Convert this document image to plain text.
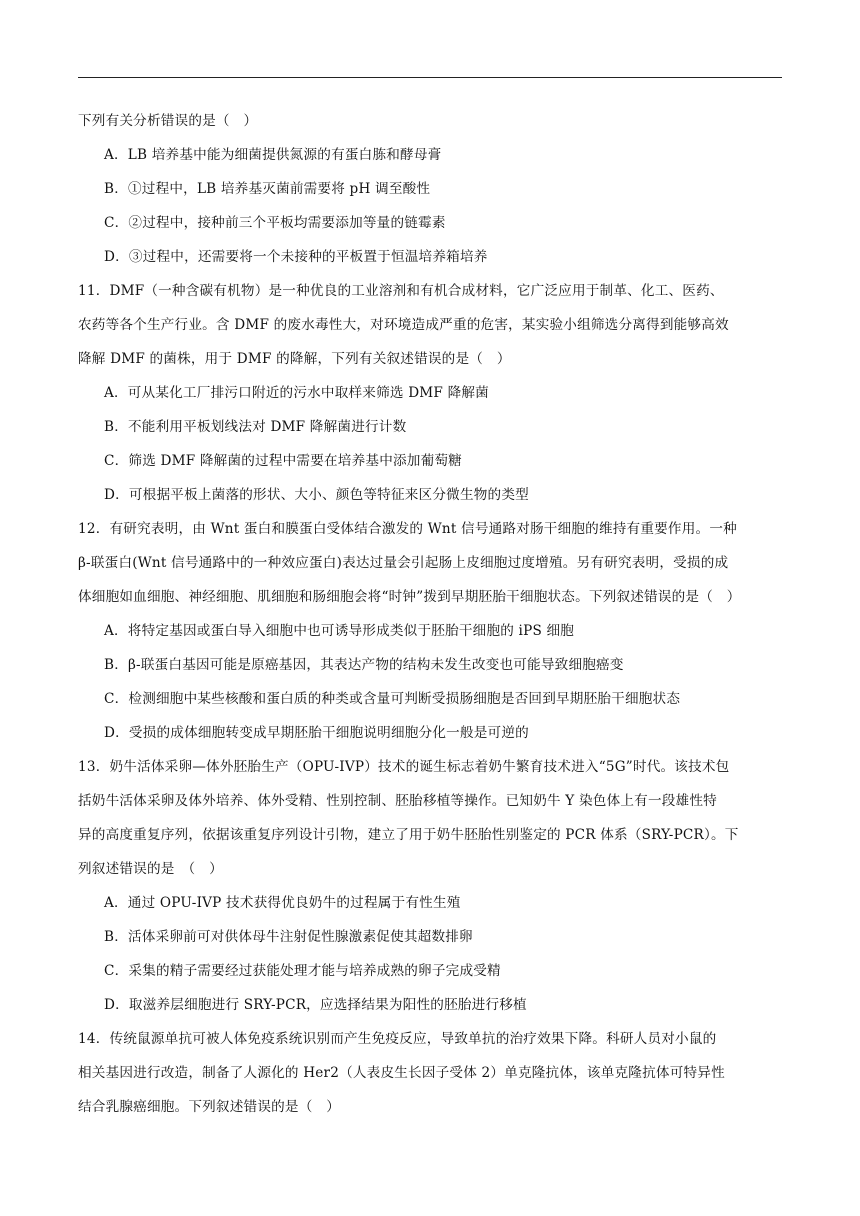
下列有关分析错误的是（　）
A．LB 培养基中能为细菌提供氮源的有蛋白胨和酵母膏
B．①过程中，LB 培养基灭菌前需要将 pH 调至酸性
C．②过程中，接种前三个平板均需要添加等量的链霉素
D．③过程中，还需要将一个未接种的平板置于恒温培养箱培养
11．DMF（一种含碳有机物）是一种优良的工业溶剂和有机合成材料，它广泛应用于制革、化工、医药、
农药等各个生产行业。含 DMF 的废水毒性大，对环境造成严重的危害，某实验小组筛选分离得到能够高效
降解 DMF 的菌株，用于 DMF 的降解，下列有关叙述错误的是（　）
A．可从某化工厂排污口附近的污水中取样来筛选 DMF 降解菌
B．不能利用平板划线法对 DMF 降解菌进行计数
C．筛选 DMF 降解菌的过程中需要在培养基中添加葡萄糖
D．可根据平板上菌落的形状、大小、颜色等特征来区分微生物的类型
12．有研究表明，由 Wnt 蛋白和膜蛋白受体结合激发的 Wnt 信号通路对肠干细胞的维持有重要作用。一种
β-联蛋白(Wnt 信号通路中的一种效应蛋白)表达过量会引起肠上皮细胞过度增殖。另有研究表明，受损的成
体细胞如血细胞、神经细胞、肌细胞和肠细胞会将“时钟”拨到早期胚胎干细胞状态。下列叙述错误的是（　）
A．将特定基因或蛋白导入细胞中也可诱导形成类似于胚胎干细胞的 iPS 细胞
B．β-联蛋白基因可能是原癌基因，其表达产物的结构未发生改变也可能导致细胞癌变
C．检测细胞中某些核酸和蛋白质的种类或含量可判断受损肠细胞是否回到早期胚胎干细胞状态
D．受损的成体细胞转变成早期胚胎干细胞说明细胞分化一般是可逆的
13．奶牛活体采卵—体外胚胎生产（OPU-IVP）技术的诞生标志着奶牛繁育技术进入“5G”时代。该技术包
括奶牛活体采卵及体外培养、体外受精、性别控制、胚胎移植等操作。已知奶牛 Y 染色体上有一段雄性特
异的高度重复序列，依据该重复序列设计引物，建立了用于奶牛胚胎性别鉴定的 PCR 体系（SRY-PCR）。下
列叙述错误的是　（　）
A．通过 OPU-IVP 技术获得优良奶牛的过程属于有性生殖
B．活体采卵前可对供体母牛注射促性腺激素促使其超数排卵
C．采集的精子需要经过获能处理才能与培养成熟的卵子完成受精
D．取滋养层细胞进行 SRY-PCR，应选择结果为阳性的胚胎进行移植
14．传统鼠源单抗可被人体免疫系统识别而产生免疫反应，导致单抗的治疗效果下降。科研人员对小鼠的
相关基因进行改造，制备了人源化的 Her2（人表皮生长因子受体 2）单克隆抗体，该单克隆抗体可特异性
结合乳腺癌细胞。下列叙述错误的是（　）
